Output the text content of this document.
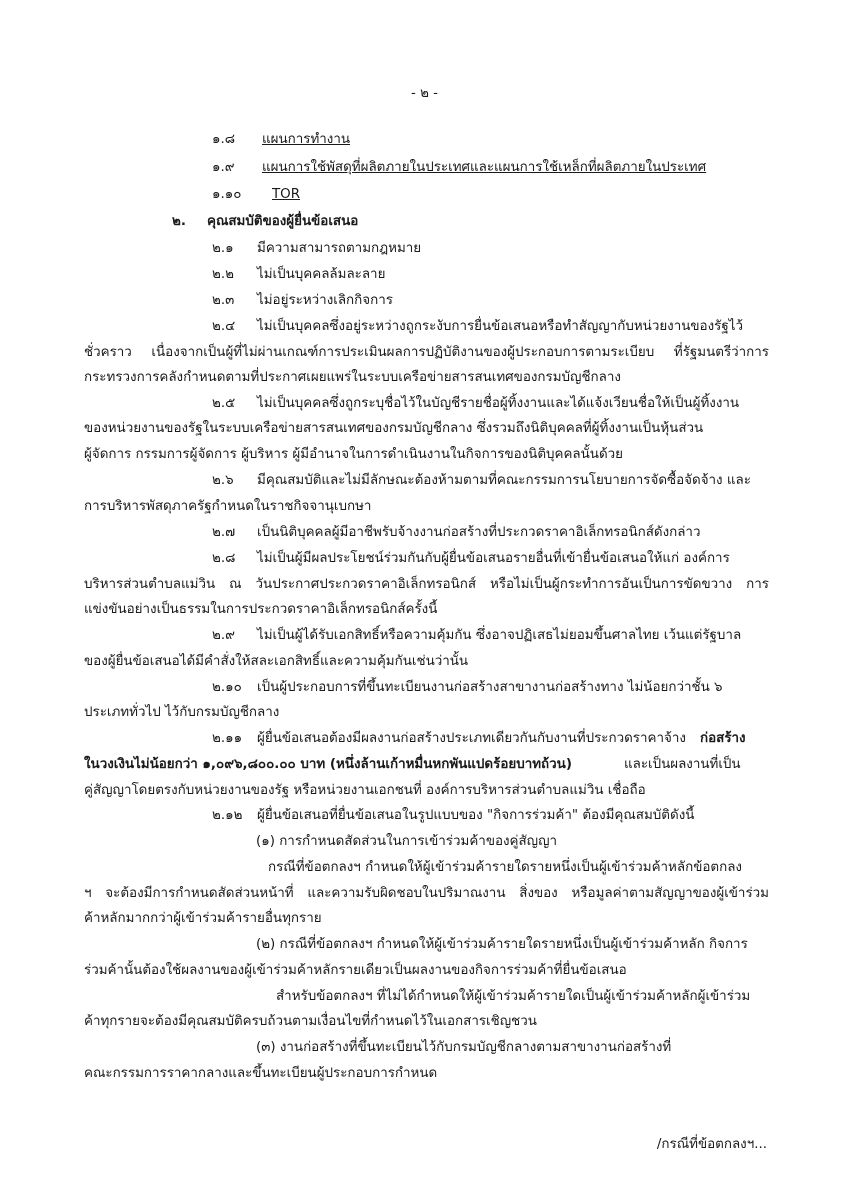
- ๒ -
๑.๘ แผนการทำงาน
๑.๙ แผนการใช้พัสดุที่ผลิตภายในประเทศและแผนการใช้เหล็กที่ผลิตภายในประเทศ
๑.๑๐ TOR
๒. คุณสมบัติของผู้ยื่นข้อเสนอ
๒.๑ มีความสามารถตามกฎหมาย
๒.๒ ไม่เป็นบุคคลล้มละลาย
๒.๓ ไม่อยู่ระหว่างเลิกกิจการ
๒.๔ ไม่เป็นบุคคลซึ่งอยู่ระหว่างถูกระงับการยื่นข้อเสนอหรือทำสัญญากับหน่วยงานของรัฐไว้
ชั่วคราว เนื่องจากเป็นผู้ที่ไม่ผ่านเกณฑ์การประเมินผลการปฏิบัติงานของผู้ประกอบการตามระเบียบ ที่รัฐมนตรีว่าการ
กระทรวงการคลังกำหนดตามที่ประกาศเผยแพร่ในระบบเครือข่ายสารสนเทศของกรมบัญชีกลาง
๒.๕ ไม่เป็นบุคคลซึ่งถูกระบุชื่อไว้ในบัญชีรายชื่อผู้ทิ้งงานและได้แจ้งเวียนชื่อให้เป็นผู้ทิ้งงาน
ของหน่วยงานของรัฐในระบบเครือข่ายสารสนเทศของกรมบัญชีกลาง ซึ่งรวมถึงนิติบุคคลที่ผู้ทิ้งงานเป็นหุ้นส่วน
ผู้จัดการ กรรมการผู้จัดการ ผู้บริหาร ผู้มีอำนาจในการดำเนินงานในกิจการของนิติบุคคลนั้นด้วย
๒.๖ มีคุณสมบัติและไม่มีลักษณะต้องห้ามตามที่คณะกรรมการนโยบายการจัดซื้อจัดจ้าง และ
การบริหารพัสดุภาครัฐกำหนดในราชกิจจานุเบกษา
๒.๗ เป็นนิติบุคคลผู้มีอาชีพรับจ้างงานก่อสร้างที่ประกวดราคาอิเล็กทรอนิกส์ดังกล่าว
๒.๘ ไม่เป็นผู้มีผลประโยชน์ร่วมกันกับผู้ยื่นข้อเสนอรายอื่นที่เข้ายื่นข้อเสนอให้แก่ องค์การ
บริหารส่วนตำบลแม่วิน ณ วันประกาศประกวดราคาอิเล็กทรอนิกส์ หรือไม่เป็นผู้กระทำการอันเป็นการขัดขวาง การ
แข่งขันอย่างเป็นธรรมในการประกวดราคาอิเล็กทรอนิกส์ครั้งนี้
๒.๙ ไม่เป็นผู้ได้รับเอกสิทธิ์หรือความคุ้มกัน ซึ่งอาจปฏิเสธไม่ยอมขึ้นศาลไทย เว้นแต่รัฐบาล
ของผู้ยื่นข้อเสนอได้มีคำสั่งให้สละเอกสิทธิ์และความคุ้มกันเช่นว่านั้น
๒.๑๐ เป็นผู้ประกอบการที่ขึ้นทะเบียนงานก่อสร้างสาขางานก่อสร้างทาง ไม่น้อยกว่าชั้น ๖
ประเภททั่วไป ไว้กับกรมบัญชีกลาง
๒.๑๑ ผู้ยื่นข้อเสนอต้องมีผลงานก่อสร้างประเภทเดียวกันกับงานที่ประกวดราคาจ้าง ก่อสร้าง
ในวงเงินไม่น้อยกว่า ๑,๐๙๖,๘๐๐.๐๐ บาท (หนึ่งล้านเก้าหมื่นหกพันแปดร้อยบาทถ้วน)	และเป็นผลงานที่เป็น
คู่สัญญาโดยตรงกับหน่วยงานของรัฐ หรือหน่วยงานเอกชนที่ องค์การบริหารส่วนตำบลแม่วิน เชื่อถือ
๒.๑๒ ผู้ยื่นข้อเสนอที่ยื่นข้อเสนอในรูปแบบของ "กิจการร่วมค้า" ต้องมีคุณสมบัติดังนี้
(๑) การกำหนดสัดส่วนในการเข้าร่วมค้าของคู่สัญญา
กรณีที่ข้อตกลงฯ กำหนดให้ผู้เข้าร่วมค้ารายใดรายหนึ่งเป็นผู้เข้าร่วมค้าหลักข้อตกลง
ฯ จะต้องมีการกำหนดสัดส่วนหน้าที่ และความรับผิดชอบในปริมาณงาน สิ่งของ หรือมูลค่าตามสัญญาของผู้เข้าร่วม
ค้าหลักมากกว่าผู้เข้าร่วมค้ารายอื่นทุกราย
(๒) กรณีที่ข้อตกลงฯ กำหนดให้ผู้เข้าร่วมค้ารายใดรายหนึ่งเป็นผู้เข้าร่วมค้าหลัก กิจการ
ร่วมค้านั้นต้องใช้ผลงานของผู้เข้าร่วมค้าหลักรายเดียวเป็นผลงานของกิจการร่วมค้าที่ยื่นข้อเสนอ
สำหรับข้อตกลงฯ ที่ไม่ได้กำหนดให้ผู้เข้าร่วมค้ารายใดเป็นผู้เข้าร่วมค้าหลักผู้เข้าร่วม
ค้าทุกรายจะต้องมีคุณสมบัติครบถ้วนตามเงื่อนไขที่กำหนดไว้ในเอกสารเชิญชวน
(๓) งานก่อสร้างที่ขึ้นทะเบียนไว้กับกรมบัญชีกลางตามสาขางานก่อสร้างที่
คณะกรรมการราคากลางและขึ้นทะเบียนผู้ประกอบการกำหนด
/กรณีที่ข้อตกลงฯ...
